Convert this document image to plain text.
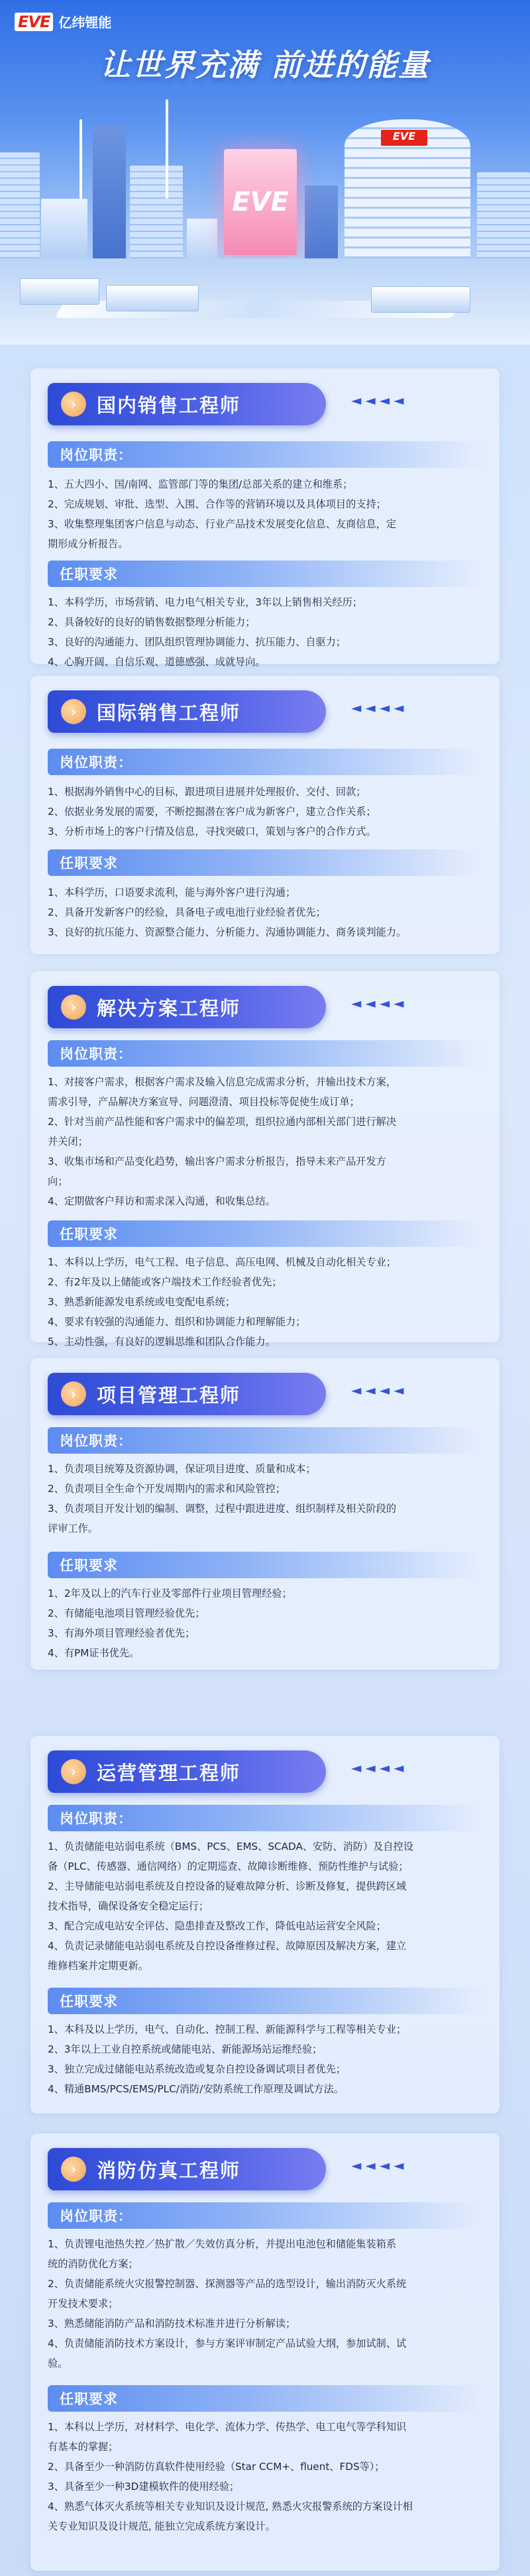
EVE 亿纬锂能
让世界充满 前进的能量
EVE
EVE
›	国内销售工程师	◄◄◄◄
岗位职责：

1、五大四小、国/南网、监管部门等的集团/总部关系的建立和维系；

2、完成规划、审批、选型、入围、合作等的营销环境以及具体项目的支持；

3、收集整理集团客户信息与动态、行业产品技术发展变化信息、友商信息，定

期形成分析报告。

任职要求

1、本科学历，市场营销、电力电气相关专业，3年以上销售相关经历；

2、具备较好的良好的销售数据整理分析能力；

3、良好的沟通能力、团队组织管理协调能力、抗压能力、自驱力；

4、心胸开阔、自信乐观、道德感强、成就导向。

›	国际销售工程师	◄◄◄◄
岗位职责：

1、根据海外销售中心的目标，跟进项目进展并处理报价、交付、回款；

2、依据业务发展的需要，不断挖掘潜在客户成为新客户，建立合作关系；

3、分析市场上的客户行情及信息，寻找突破口，策划与客户的合作方式。

任职要求

1、本科学历，口语要求流利，能与海外客户进行沟通；

2、具备开发新客户的经验，具备电子或电池行业经验者优先；

3、良好的抗压能力、资源整合能力、分析能力、沟通协调能力、商务谈判能力。

›	解决方案工程师	◄◄◄◄
岗位职责：

1、对接客户需求，根据客户需求及输入信息完成需求分析，并输出技术方案，

需求引导，产品解决方案宣导、问题澄清、项目投标等促使生成订单；

2、针对当前产品性能和客户需求中的偏差项，组织拉通内部相关部门进行解决

并关闭；

3、收集市场和产品变化趋势，输出客户需求分析报告，指导未来产品开发方

向；

4、定期做客户拜访和需求深入沟通，和收集总结。

任职要求

1、本科以上学历，电气工程、电子信息、高压电网、机械及自动化相关专业；

2、有2年及以上储能或客户端技术工作经验者优先；

3、熟悉新能源发电系统或电变配电系统；

4、要求有较强的沟通能力、组织和协调能力和理解能力；

5、主动性强，有良好的逻辑思维和团队合作能力。

›	项目管理工程师	◄◄◄◄
岗位职责：

1、负责项目统筹及资源协调，保证项目进度、质量和成本；

2、负责项目全生命个开发周期内的需求和风险管控；

3、负责项目开发计划的编制、调整，过程中跟进进度、组织制样及相关阶段的

评审工作。

任职要求

1、2年及以上的汽车行业及零部件行业项目管理经验；

2、有储能电池项目管理经验优先；

3、有海外项目管理经验者优先；

4、有PM证书优先。

›	运营管理工程师	◄◄◄◄
岗位职责：

1、负责储能电站弱电系统（BMS、PCS、EMS、SCADA、安防、消防）及自控设

备（PLC、传感器、通信网络）的定期巡查、故障诊断维修、预防性维护与试验；

2、主导储能电站弱电系统及自控设备的疑难故障分析、诊断及修复，提供跨区域

技术指导，确保设备安全稳定运行；

3、配合完成电站安全评估、隐患排查及整改工作，降低电站运营安全风险；

4、负责记录储能电站弱电系统及自控设备维修过程、故障原因及解决方案，建立

维修档案并定期更新。

任职要求

1、本科及以上学历，电气、自动化、控制工程、新能源科学与工程等相关专业；

2、3年以上工业自控系统或储能电站、新能源场站运维经验；

3、独立完成过储能电站系统改造或复杂自控设备调试项目者优先；

4、精通BMS/PCS/EMS/PLC/消防/安防系统工作原理及调试方法。

›	消防仿真工程师	◄◄◄◄
岗位职责：

1、负责锂电池热失控／热扩散／失效仿真分析，并提出电池包和储能集装箱系

统的消防优化方案；

2、负责储能系统火灾报警控制器、探测器等产品的选型设计，输出消防灭火系统

开发技术要求；

3、熟悉储能消防产品和消防技术标准并进行分析解读；

4、负责储能消防技术方案设计，参与方案评审制定产品试验大纲，参加试制、试

验。

任职要求

1、本科以上学历，对材料学、电化学、流体力学、传热学、电工电气等学科知识

有基本的掌握；

2、具备至少一种消防仿真软件使用经验（Star CCM+、fluent、FDS等）；

3、具备至少一种3D建模软件的使用经验；

4、熟悉气体灭火系统等相关专业知识及设计规范, 熟悉火灾报警系统的方案设计相

关专业知识及设计规范, 能独立完成系统方案设计。
